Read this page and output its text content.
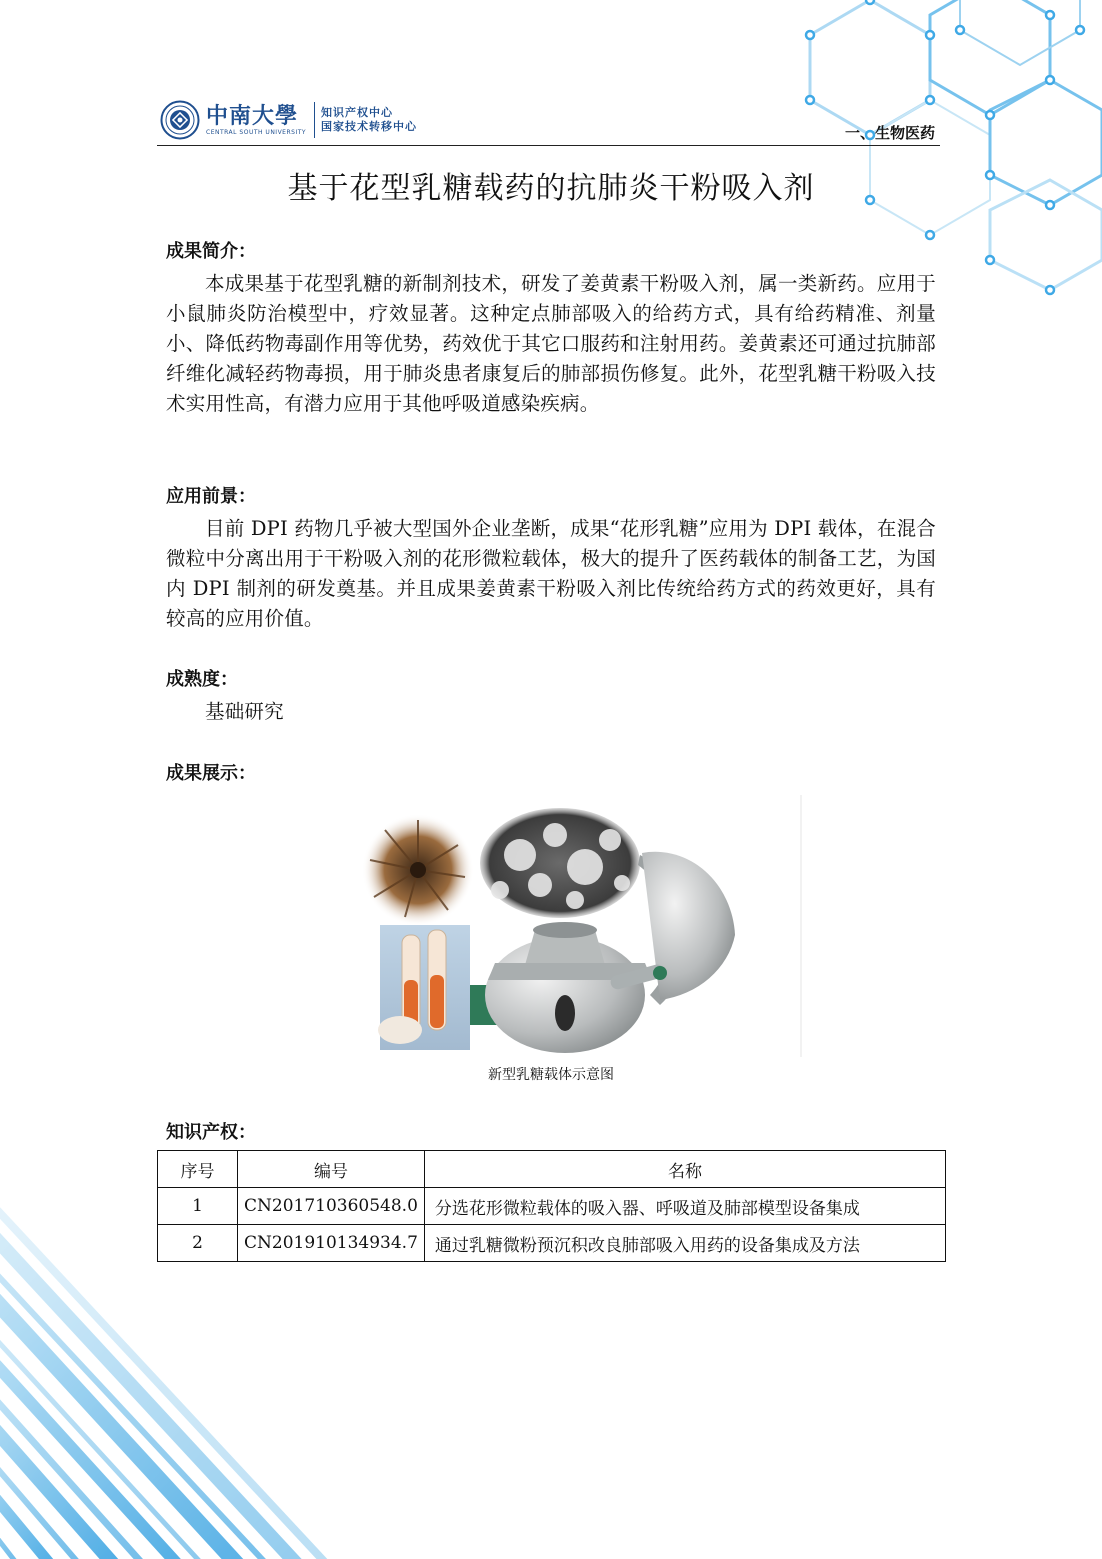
中南大學
CENTRAL SOUTH UNIVERSITY
知识产权中心
国家技术转移中心	一、生物医药
基于花型乳糖载药的抗肺炎干粉吸入剂
成果简介：
本成果基于花型乳糖的新制剂技术，研发了姜黄素干粉吸入剂，属一类新药。应用于小鼠肺炎防治模型中，疗效显著。这种定点肺部吸入的给药方式，具有给药精准、剂量小、降低药物毒副作用等优势，药效优于其它口服药和注射用药。姜黄素还可通过抗肺部纤维化减轻药物毒损，用于肺炎患者康复后的肺部损伤修复。此外，花型乳糖干粉吸入技术实用性高，有潜力应用于其他呼吸道感染疾病。
应用前景：
目前 DPI 药物几乎被大型国外企业垄断，成果“花形乳糖”应用为 DPI 载体，在混合微粒中分离出用于干粉吸入剂的花形微粒载体，极大的提升了医药载体的制备工艺，为国内 DPI 制剂的研发奠基。并且成果姜黄素干粉吸入剂比传统给药方式的药效更好，具有较高的应用价值。
成熟度：
基础研究
成果展示：
新型乳糖载体示意图
知识产权：
序号	编号	名称
1	CN201710360548.0	分选花形微粒载体的吸入器、呼吸道及肺部模型设备集成
2	CN201910134934.7	通过乳糖微粉预沉积改良肺部吸入用药的设备集成及方法
